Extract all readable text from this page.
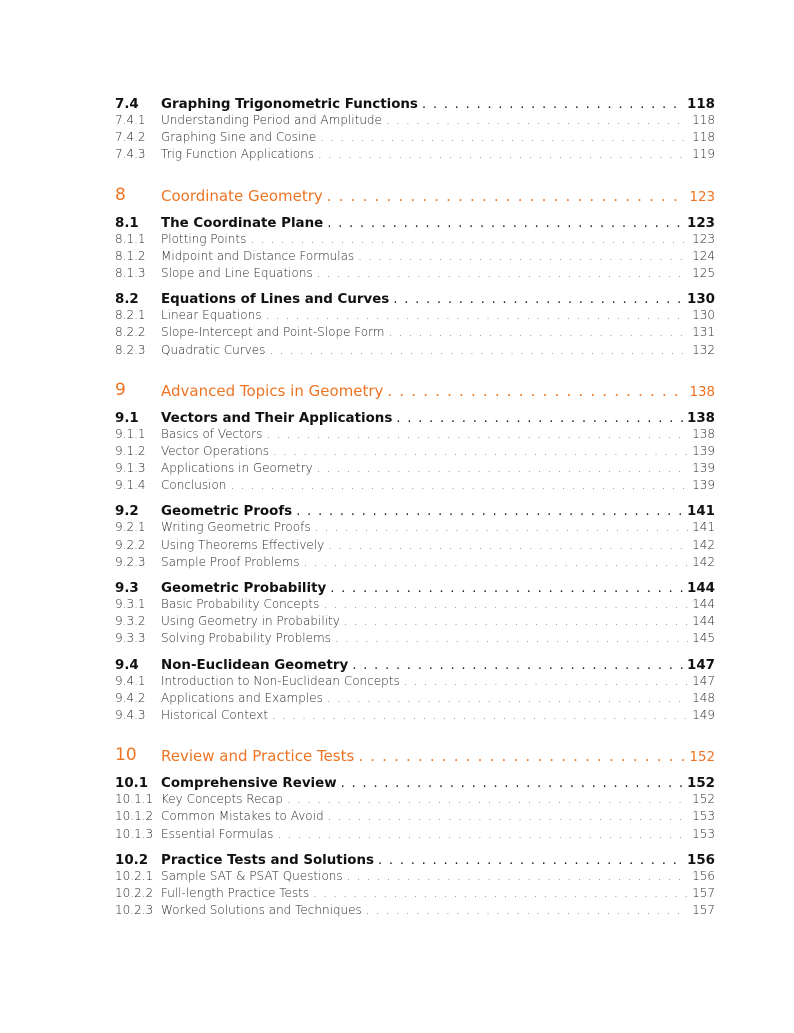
7.4	Graphing Trigonometric Functions . . .	118
7.4.1	Understanding Period and Amplitude . . .	118
7.4.2	Graphing Sine and Cosine . . .	118
7.4.3	Trig Function Applications . . .	119
8	Coordinate Geometry . . .	123
8.1	The Coordinate Plane . . .	123
8.1.1	Plotting Points . . .	123
8.1.2	Midpoint and Distance Formulas . . .	124
8.1.3	Slope and Line Equations . . .	125
8.2	Equations of Lines and Curves . . .	130
8.2.1	Linear Equations . . .	130
8.2.2	Slope-Intercept and Point-Slope Form . . .	131
8.2.3	Quadratic Curves . . .	132
9	Advanced Topics in Geometry . . .	138
9.1	Vectors and Their Applications . . .	138
9.1.1	Basics of Vectors . . .	138
9.1.2	Vector Operations . . .	139
9.1.3	Applications in Geometry . . .	139
9.1.4	Conclusion . . .	139
9.2	Geometric Proofs . . .	141
9.2.1	Writing Geometric Proofs . . .	141
9.2.2	Using Theorems Effectively . . .	142
9.2.3	Sample Proof Problems . . .	142
9.3	Geometric Probability . . .	144
9.3.1	Basic Probability Concepts . . .	144
9.3.2	Using Geometry in Probability . . .	144
9.3.3	Solving Probability Problems . . .	145
9.4	Non-Euclidean Geometry . . .	147
9.4.1	Introduction to Non-Euclidean Concepts . . .	147
9.4.2	Applications and Examples . . .	148
9.4.3	Historical Context . . .	149
10	Review and Practice Tests . . .	152
10.1 Comprehensive Review . . .	152
10.1.1 Key Concepts Recap . . .	152
10.1.2 Common Mistakes to Avoid . . .	153
10.1.3 Essential Formulas . . .	153
10.2 Practice Tests and Solutions . . .	156
10.2.1 Sample SAT & PSAT Questions . . .	156
10.2.2 Full-length Practice Tests . . .	157
10.2.3 Worked Solutions and Techniques . . .	157
